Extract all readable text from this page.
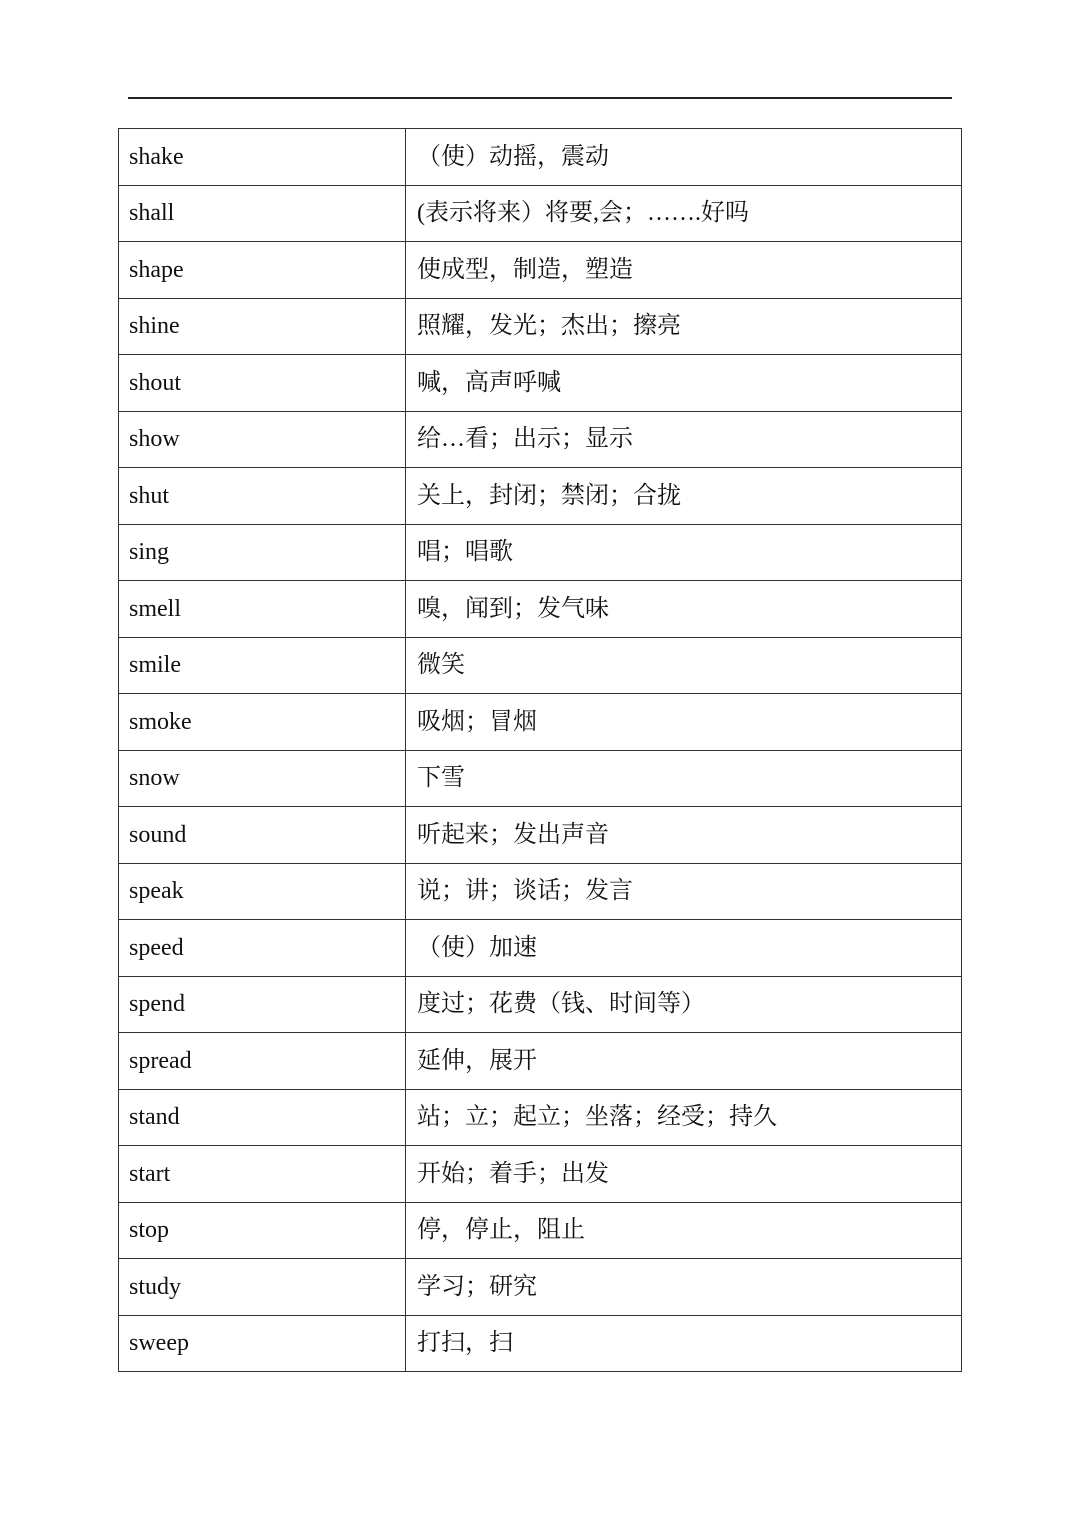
shake	（使）动摇，震动
shall	(表示将来）将要,会；…….好吗
shape	使成型，制造，塑造
shine	照耀，发光；杰出；擦亮
shout	喊，高声呼喊
show	给…看；出示；显示
shut	关上，封闭；禁闭；合拢
sing	唱；唱歌
smell	嗅，闻到；发气味
smile	微笑
smoke	吸烟；冒烟
snow	下雪
sound	听起来；发出声音
speak	说；讲；谈话；发言
speed	（使）加速
spend	度过；花费（钱、时间等）
spread	延伸，展开
stand	站；立；起立；坐落；经受；持久
start	开始；着手；出发
stop	停，停止，阻止
study	学习；研究
sweep	打扫，扫
